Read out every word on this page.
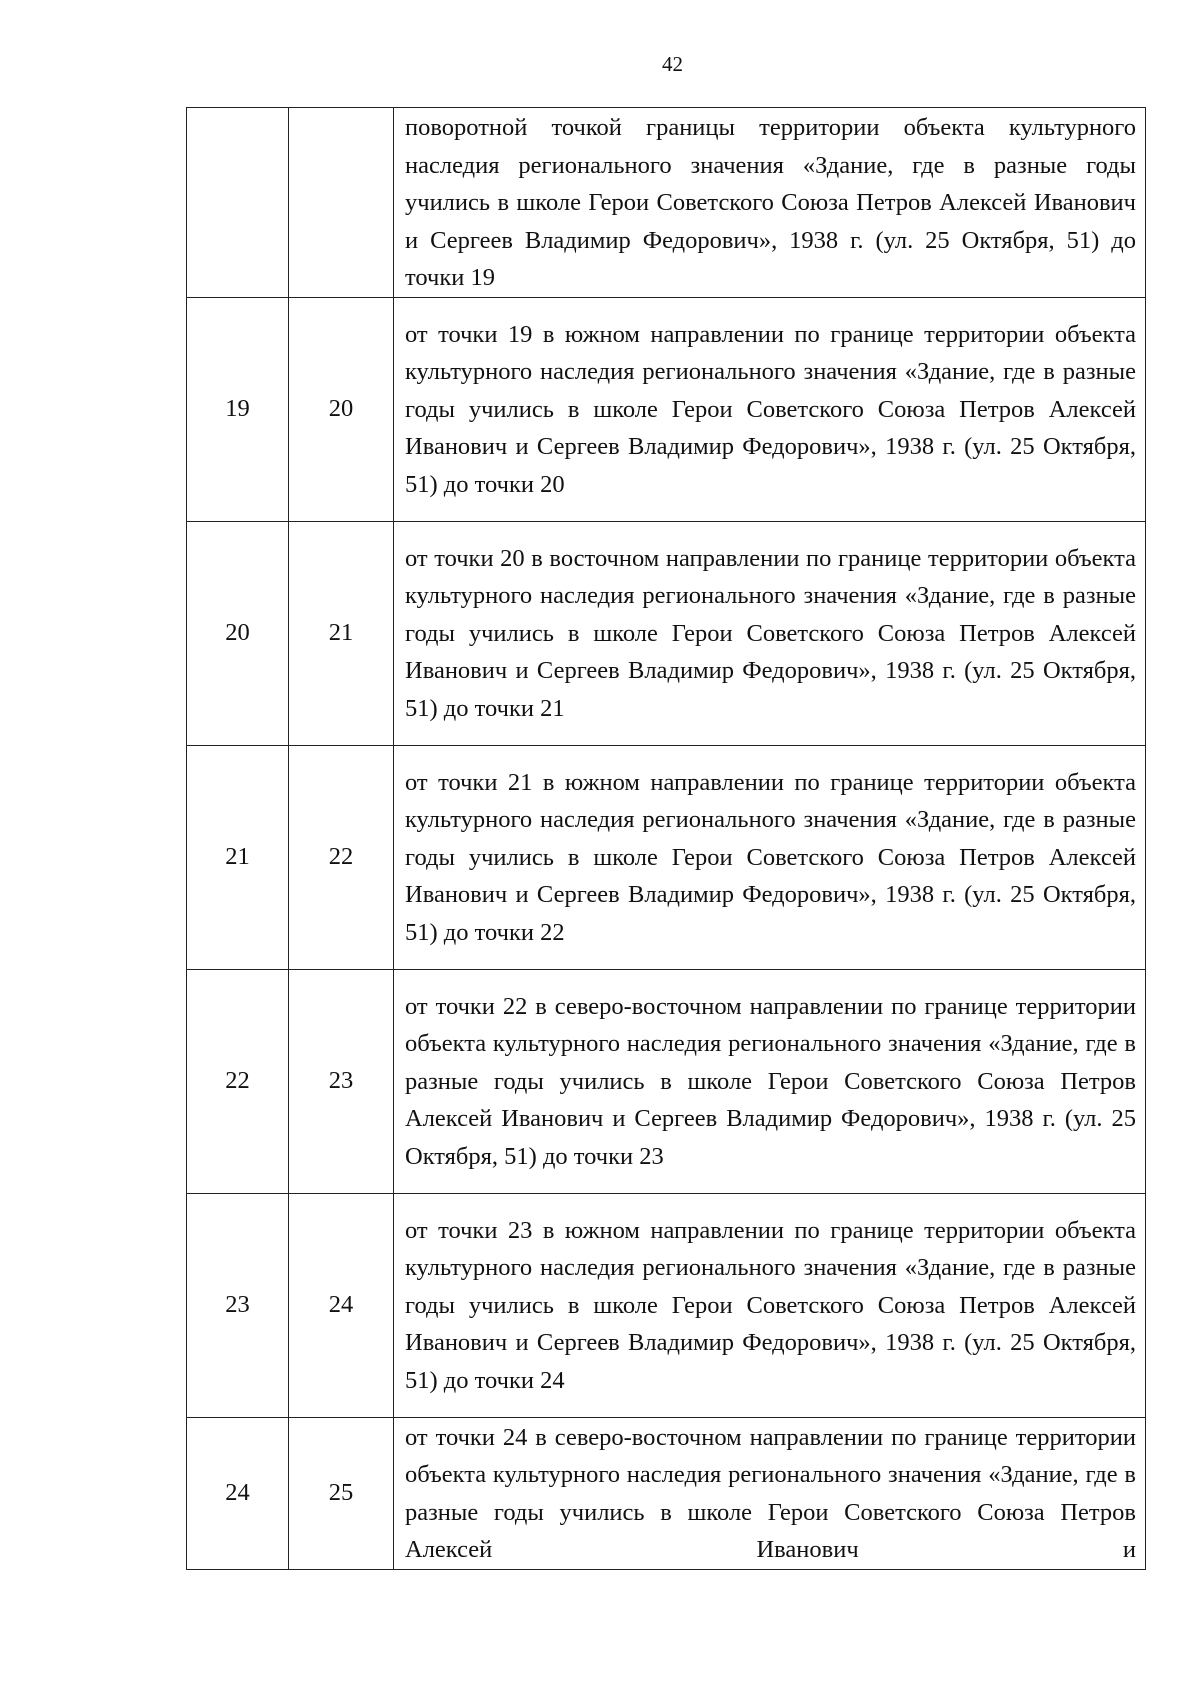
42
		поворотной точкой границы территории объекта культурного наследия регионального значения «Здание, где в разные годы учились в школе Герои Советского Союза Петров Алексей Иванович и Сергеев Владимир Федорович», 1938 г. (ул. 25 Октября, 51) до точки 19
19	20	от точки 19 в южном направлении по границе территории объекта культурного наследия регионального значения «Здание, где в разные годы учились в школе Герои Советского Союза Петров Алексей Иванович и Сергеев Владимир Федорович», 1938 г. (ул. 25 Октября, 51) до точки 20
20	21	от точки 20 в восточном направлении по границе территории объекта культурного наследия регионального значения «Здание, где в разные годы учились в школе Герои Советского Союза Петров Алексей Иванович и Сергеев Владимир Федорович», 1938 г. (ул. 25 Октября, 51) до точки 21
21	22	от точки 21 в южном направлении по границе территории объекта культурного наследия регионального значения «Здание, где в разные годы учились в школе Герои Советского Союза Петров Алексей Иванович и Сергеев Владимир Федорович», 1938 г. (ул. 25 Октября, 51) до точки 22
22	23	от точки 22 в северо-восточном направлении по границе территории объекта культурного наследия регионального значения «Здание, где в разные годы учились в школе Герои Советского Союза Петров Алексей Иванович и Сергеев Владимир Федорович», 1938 г. (ул. 25 Октября, 51) до точки 23
23	24	от точки 23 в южном направлении по границе территории объекта культурного наследия регионального значения «Здание, где в разные годы учились в школе Герои Советского Союза Петров Алексей Иванович и Сергеев Владимир Федорович», 1938 г. (ул. 25 Октября, 51) до точки 24
24	25	от точки 24 в северо-восточном направлении по границе территории объекта культурного наследия регионального значения «Здание, где в разные годы учились в школе Герои Советского Союза Петров Алексей Иванович и
